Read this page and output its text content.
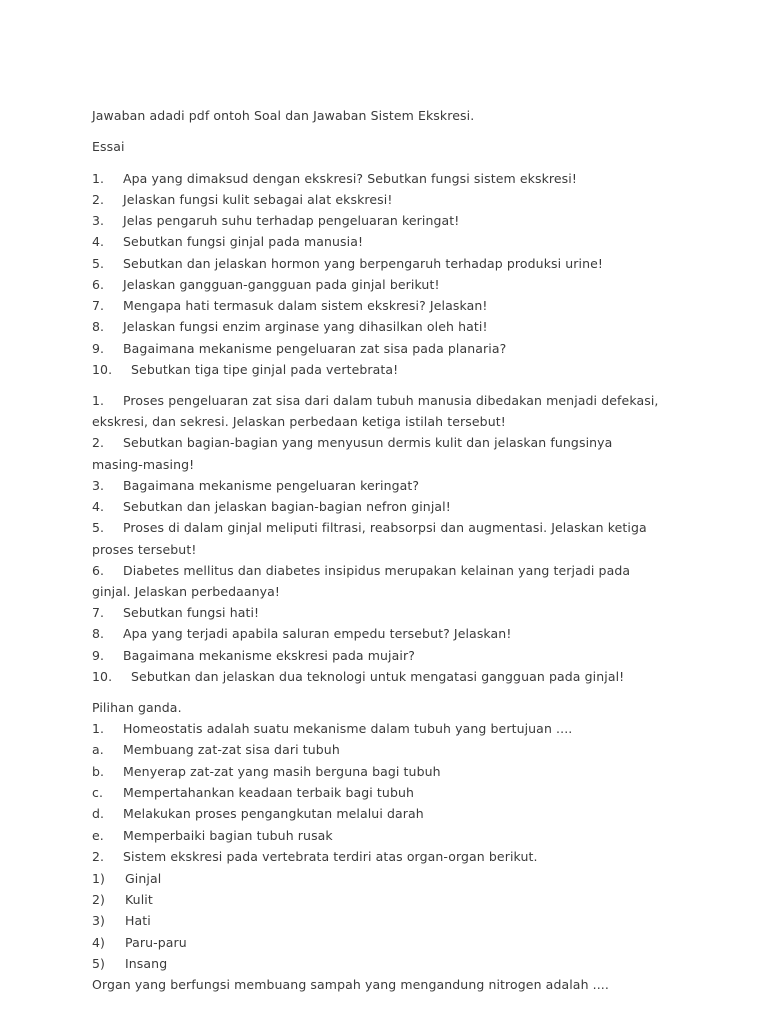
Jawaban adadi pdf ontoh Soal dan Jawaban Sistem Ekskresi.
Essai
1. Apa yang dimaksud dengan ekskresi? Sebutkan fungsi sistem ekskresi!
2. Jelaskan fungsi kulit sebagai alat ekskresi!
3. Jelas pengaruh suhu terhadap pengeluaran keringat!
4. Sebutkan fungsi ginjal pada manusia!
5. Sebutkan dan jelaskan hormon yang berpengaruh terhadap produksi urine!
6. Jelaskan gangguan-gangguan pada ginjal berikut!
7. Mengapa hati termasuk dalam sistem ekskresi? Jelaskan!
8. Jelaskan fungsi enzim arginase yang dihasilkan oleh hati!
9. Bagaimana mekanisme pengeluaran zat sisa pada planaria?
10. Sebutkan tiga tipe ginjal pada vertebrata!
1. Proses pengeluaran zat sisa dari dalam tubuh manusia dibedakan menjadi defekasi,
ekskresi, dan sekresi. Jelaskan perbedaan ketiga istilah tersebut!
2. Sebutkan bagian-bagian yang menyusun dermis kulit dan jelaskan fungsinya
masing-masing!
3. Bagaimana mekanisme pengeluaran keringat?
4. Sebutkan dan jelaskan bagian-bagian nefron ginjal!
5. Proses di dalam ginjal meliputi filtrasi, reabsorpsi dan augmentasi. Jelaskan ketiga
proses tersebut!
6. Diabetes mellitus dan diabetes insipidus merupakan kelainan yang terjadi pada
ginjal. Jelaskan perbedaanya!
7. Sebutkan fungsi hati!
8. Apa yang terjadi apabila saluran empedu tersebut? Jelaskan!
9. Bagaimana mekanisme ekskresi pada mujair?
10. Sebutkan dan jelaskan dua teknologi untuk mengatasi gangguan pada ginjal!
Pilihan ganda.
1. Homeostatis adalah suatu mekanisme dalam tubuh yang bertujuan ....
a. Membuang zat-zat sisa dari tubuh
b. Menyerap zat-zat yang masih berguna bagi tubuh
c. Mempertahankan keadaan terbaik bagi tubuh
d. Melakukan proses pengangkutan melalui darah
e. Memperbaiki bagian tubuh rusak
2. Sistem ekskresi pada vertebrata terdiri atas organ-organ berikut.
1) Ginjal
2) Kulit
3) Hati
4) Paru-paru
5) Insang
Organ yang berfungsi membuang sampah yang mengandung nitrogen adalah ....
